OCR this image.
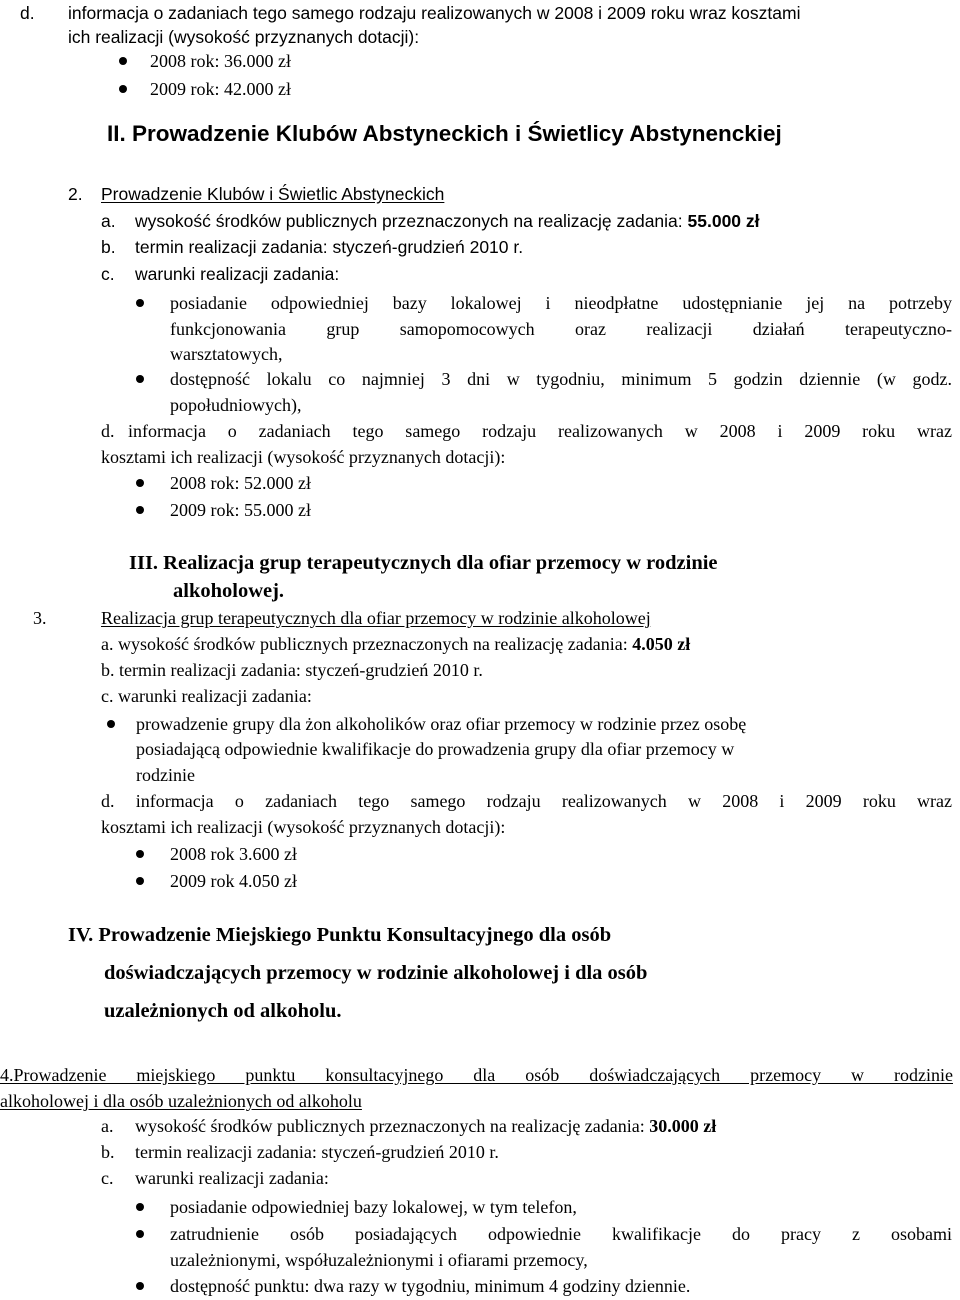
d. informacja o zadaniach tego samego rodzaju realizowanych w 2008 i 2009 roku wraz kosztami
ich realizacji (wysokość przyznanych dotacji):
2008 rok: 36.000 zł
2009 rok: 42.000 zł
II. Prowadzenie Klubów Abstyneckich i Świetlicy Abstynenckiej
2. Prowadzenie Klubów i Świetlic Abstyneckich
a. wysokość środków publicznych przeznaczonych na realizację zadania: 55.000 zł
b. termin realizacji zadania: styczeń-grudzień 2010 r.
c. warunki realizacji zadania:
posiadanie odpowiedniej bazy lokalowej i nieodpłatne udostępnianie jej na potrzeby
funkcjonowania grup samopomocowych oraz realizacji działań terapeutyczno-
warsztatowych,
dostępność lokalu co najmniej 3 dni w tygodniu, minimum 5 godzin dziennie (w godz.
popołudniowych),
d. informacja o zadaniach tego samego rodzaju realizowanych w 2008 i 2009 roku wraz
kosztami ich realizacji (wysokość przyznanych dotacji):
2008 rok: 52.000 zł
2009 rok: 55.000 zł
III. Realizacja grup terapeutycznych dla ofiar przemocy w rodzinie
alkoholowej.
3.	Realizacja grup terapeutycznych dla ofiar przemocy w rodzinie alkoholowej
a. wysokość środków publicznych przeznaczonych na realizację zadania: 4.050 zł
b. termin realizacji zadania: styczeń-grudzień 2010 r.
c. warunki realizacji zadania:
prowadzenie grupy dla żon alkoholików oraz ofiar przemocy w rodzinie przez osobę
posiadającą odpowiednie kwalifikacje do prowadzenia grupy dla ofiar przemocy w
rodzinie
d. informacja o zadaniach tego samego rodzaju realizowanych w 2008 i 2009 roku wraz
kosztami ich realizacji (wysokość przyznanych dotacji):
2008 rok 3.600 zł
2009 rok 4.050 zł
IV. Prowadzenie Miejskiego Punktu Konsultacyjnego dla osób
doświadczających przemocy w rodzinie alkoholowej i dla osób
uzależnionych od alkoholu.
4.Prowadzenie miejskiego punktu konsultacyjnego dla osób doświadczających przemocy w rodzinie
alkoholowej i dla osób uzależnionych od alkoholu
a. wysokość środków publicznych przeznaczonych na realizację zadania: 30.000 zł
b. termin realizacji zadania: styczeń-grudzień 2010 r.
c. warunki realizacji zadania:
posiadanie odpowiedniej bazy lokalowej, w tym telefon,
zatrudnienie osób posiadających odpowiednie kwalifikacje do pracy z osobami
uzależnionymi, współuzależnionymi i ofiarami przemocy,
dostępność punktu: dwa razy w tygodniu, minimum 4 godziny dziennie.
